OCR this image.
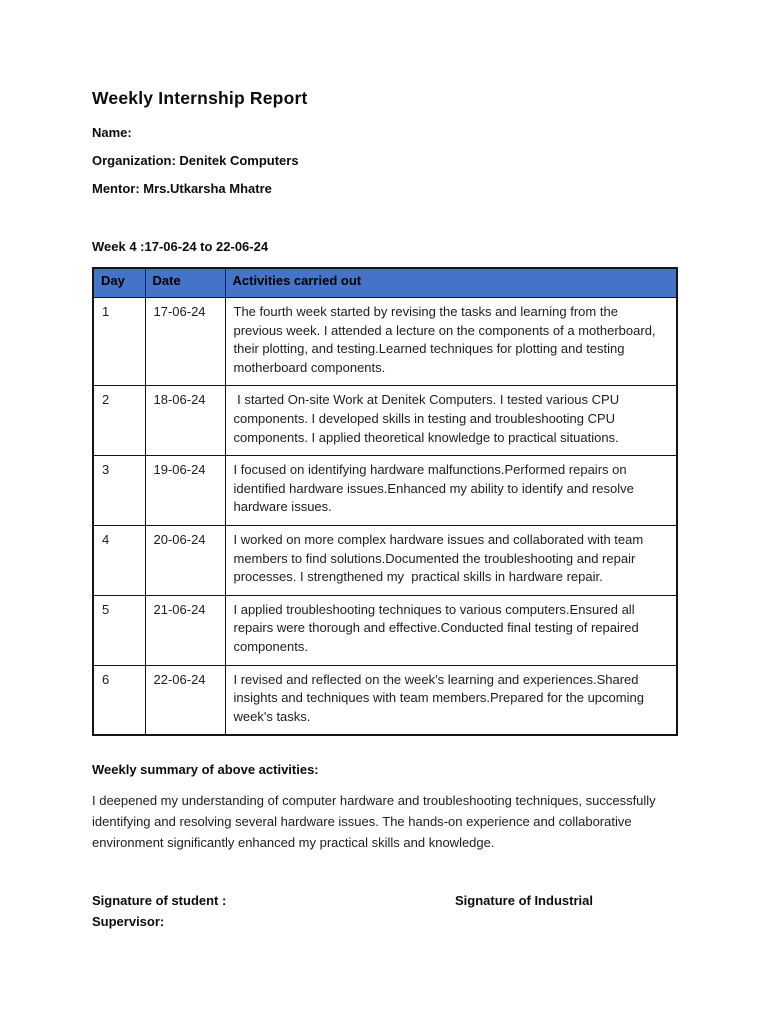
Weekly Internship Report

Name:

Organization: Denitek Computers

Mentor: Mrs.Utkarsha Mhatre

Week 4 :17-06-24 to 22-06-24

Day	Date	Activities carried out
1	17-06-24	The fourth week started by revising the tasks and learning from the previous week. I attended a lecture on the components of a motherboard, their plotting, and testing.Learned techniques for plotting and testing motherboard components.
2	18-06-24	I started On-site Work at Denitek Computers. I tested various CPU components. I developed skills in testing and troubleshooting CPU components. I applied theoretical knowledge to practical situations.
3	19-06-24	I focused on identifying hardware malfunctions.Performed repairs on identified hardware issues.Enhanced my ability to identify and resolve hardware issues.
4	20-06-24	I worked on more complex hardware issues and collaborated with team members to find solutions.Documented the troubleshooting and repair processes. I strengthened my  practical skills in hardware repair.
5	21-06-24	I applied troubleshooting techniques to various computers.Ensured all repairs were thorough and effective.Conducted final testing of repaired components.
6	22-06-24	I revised and reflected on the week's learning and experiences.Shared insights and techniques with team members.Prepared for the upcoming week's tasks.

Weekly summary of above activities:

I deepened my understanding of computer hardware and troubleshooting techniques, successfully identifying and resolving several hardware issues. The hands-on experience and collaborative environment significantly enhanced my practical skills and knowledge.

Signature of student :	Signature of Industrial
Supervisor:
